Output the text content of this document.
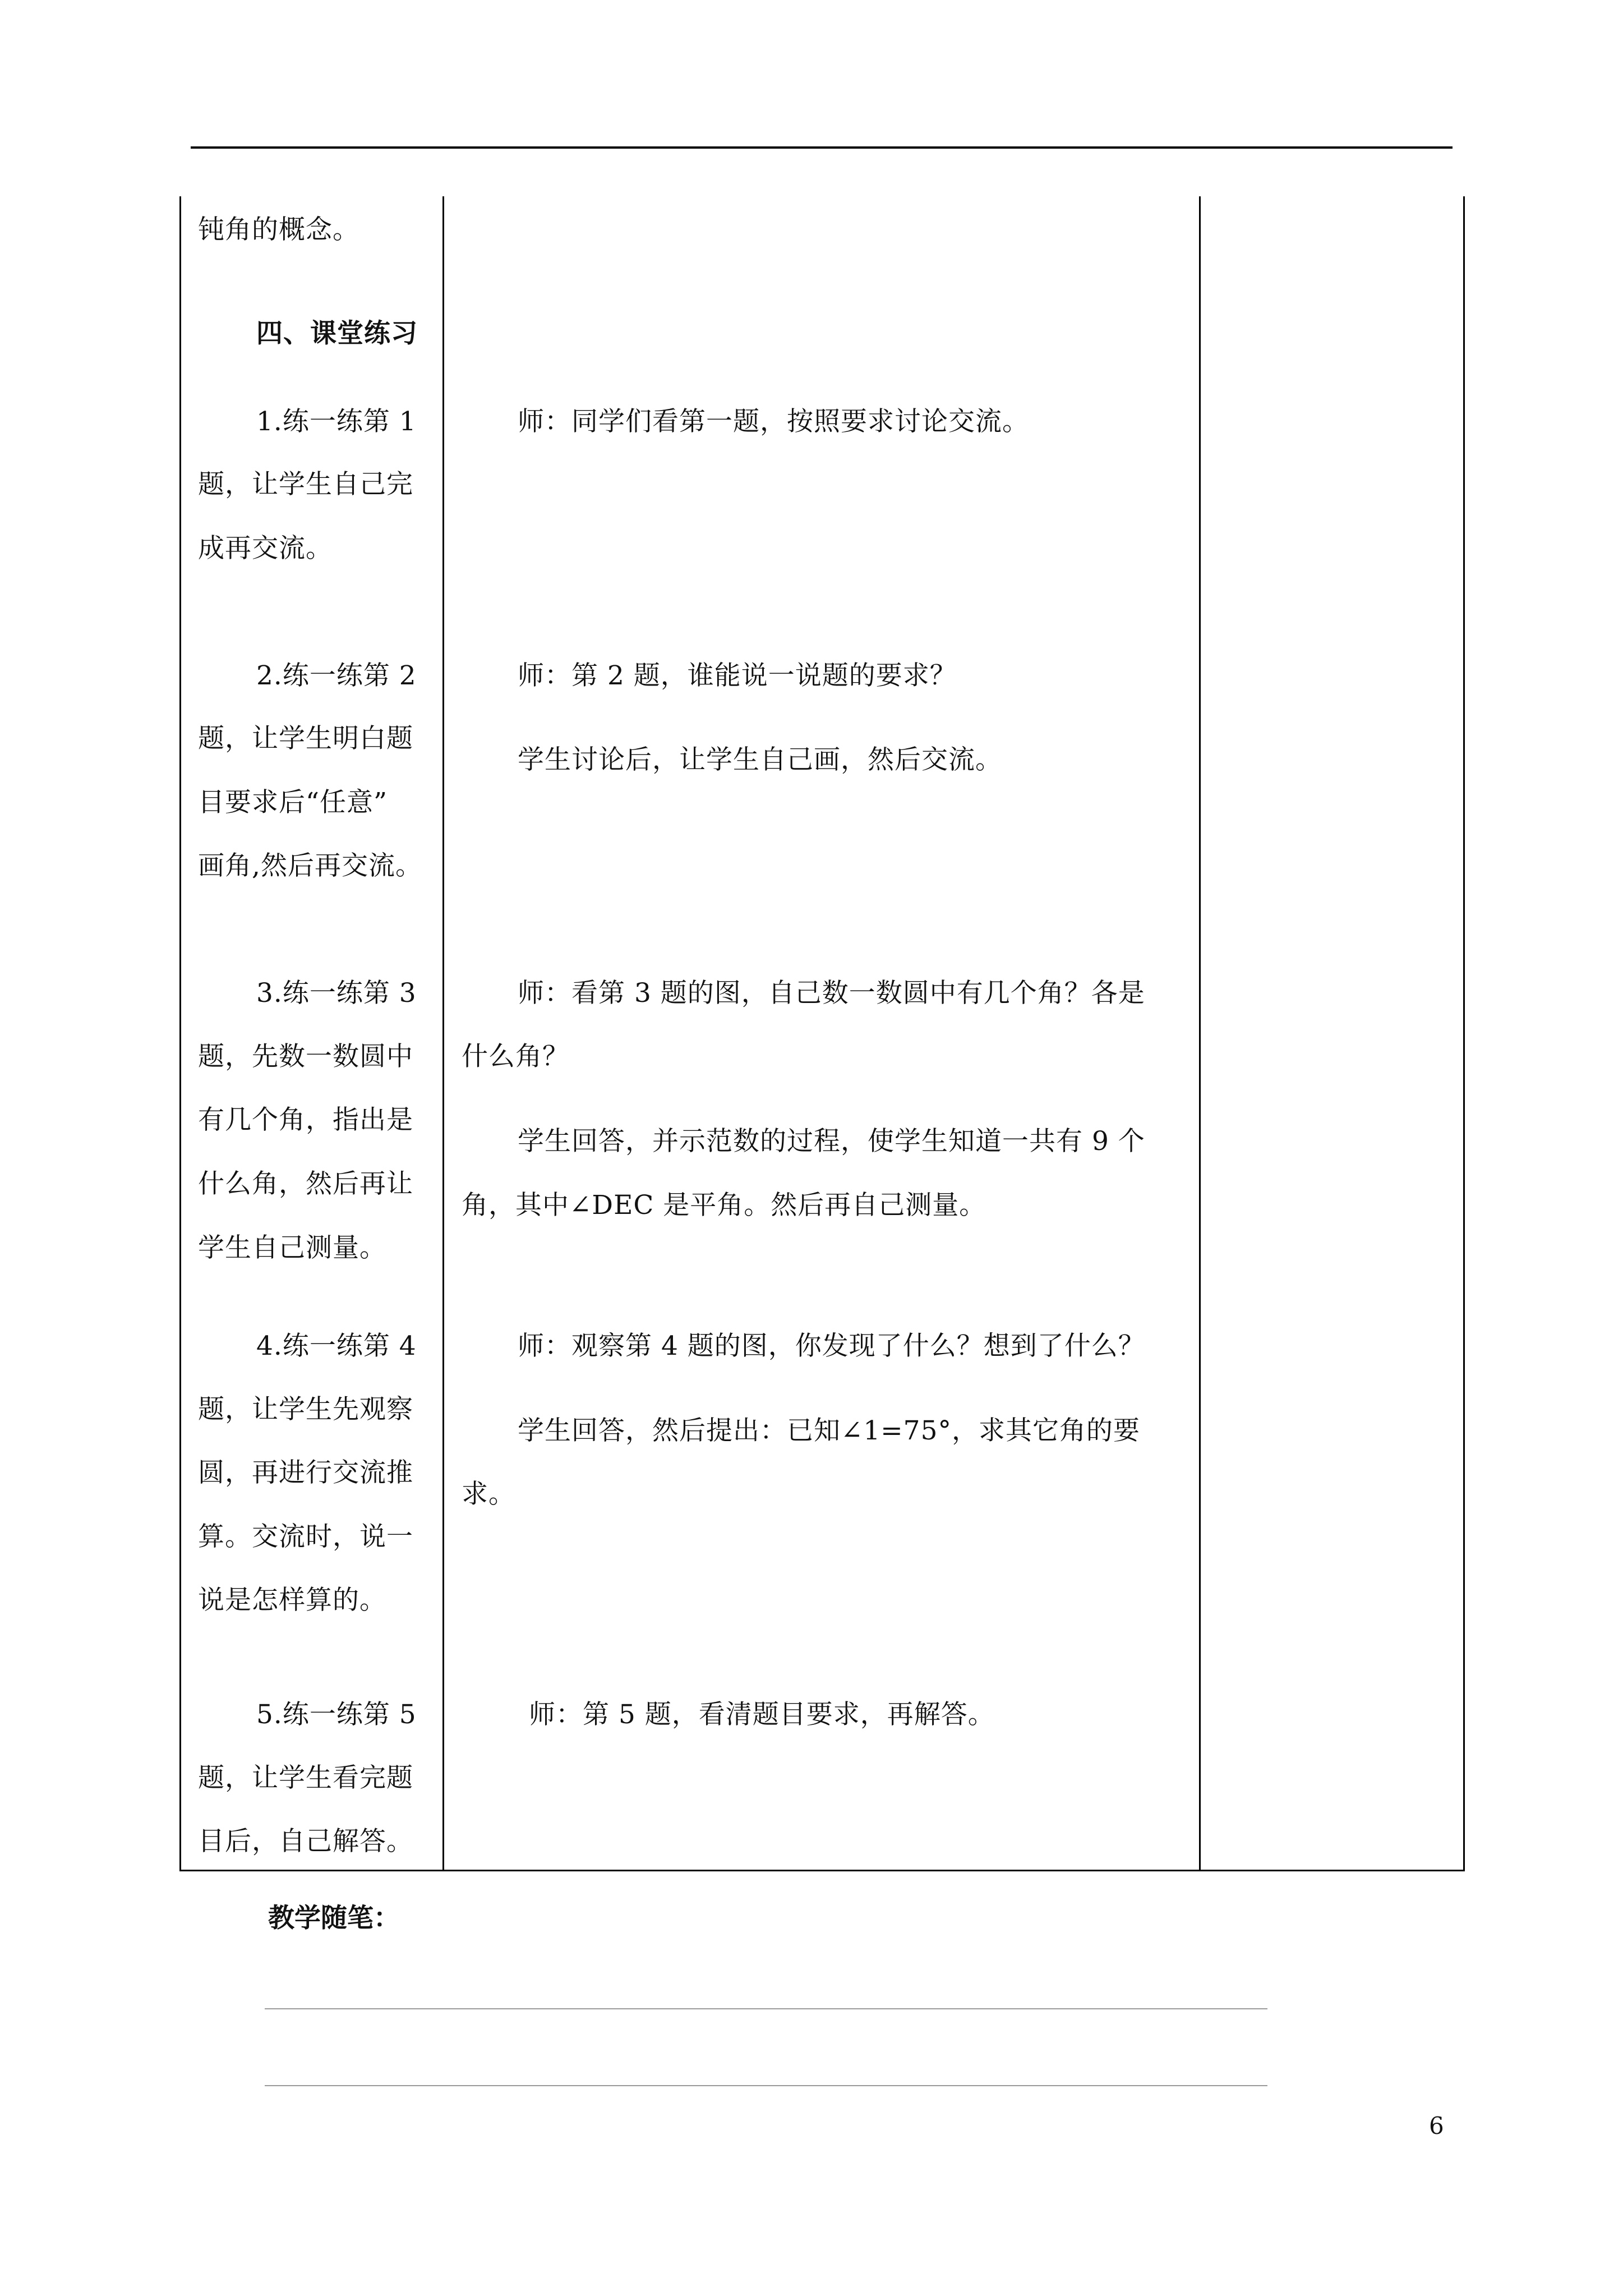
钝角的概念。
四、课堂练习
1.练一练第 1
题，让学生自己完
成再交流。
2.练一练第 2
题，让学生明白题
目要求后“任意”
画角,然后再交流。
3.练一练第 3
题，先数一数圆中
有几个角，指出是
什么角，然后再让
学生自己测量。
4.练一练第 4
题，让学生先观察
圆，再进行交流推
算。交流时，说一
说是怎样算的。
5.练一练第 5
题，让学生看完题
目后，自己解答。
师：同学们看第一题，按照要求讨论交流。
师：第 2 题，谁能说一说题的要求？
学生讨论后，让学生自己画，然后交流。
师：看第 3 题的图，自己数一数圆中有几个角？各是
什么角？
学生回答，并示范数的过程，使学生知道一共有 9 个
角，其中∠DEC 是平角。然后再自己测量。
师：观察第 4 题的图，你发现了什么？想到了什么？
学生回答，然后提出：已知∠1=75°，求其它角的要
求。
师：第 5 题，看清题目要求，再解答。
教学随笔：
6
